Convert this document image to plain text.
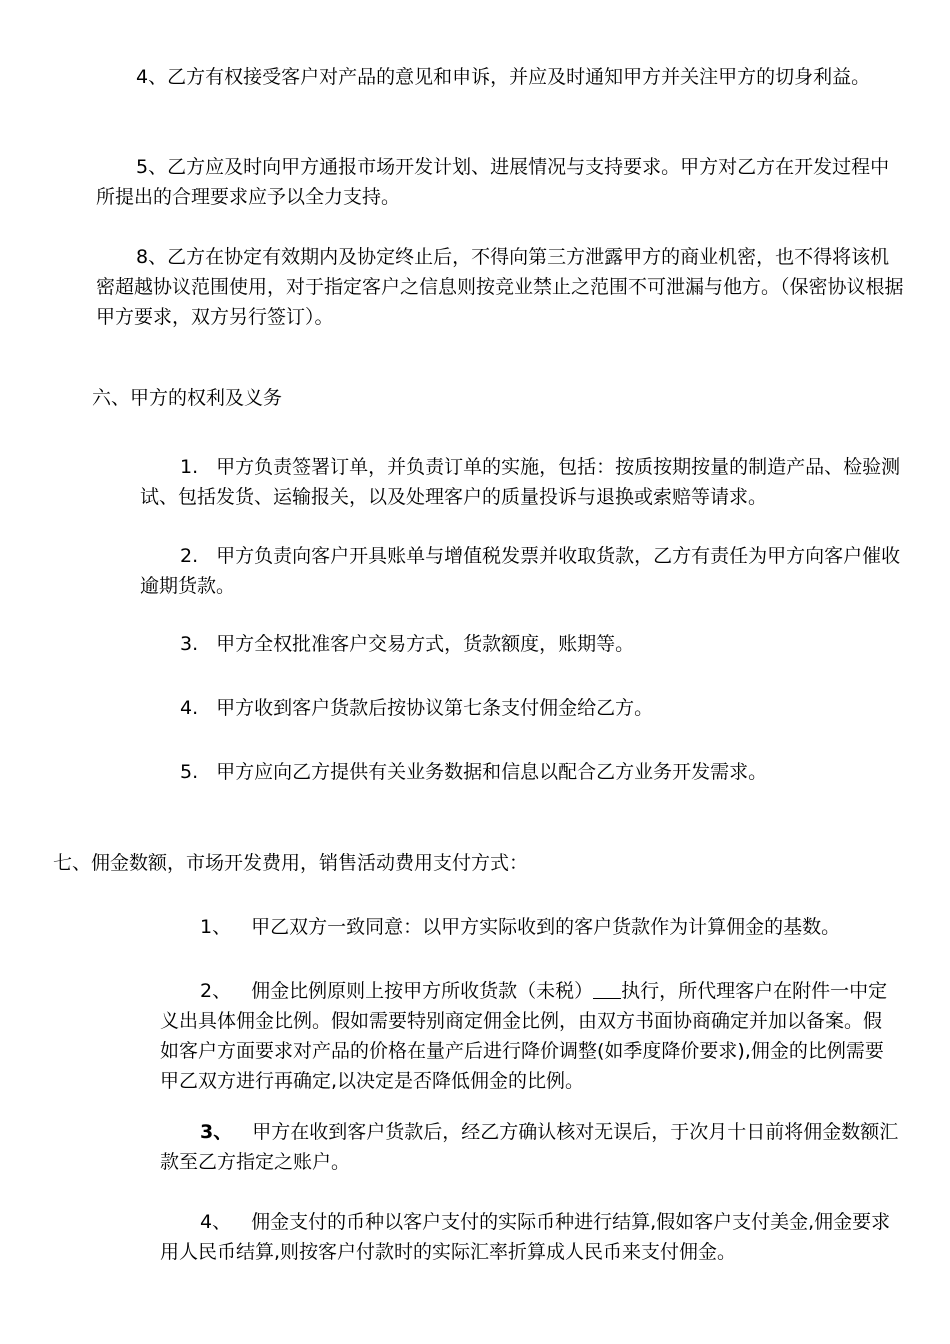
4、乙方有权接受客户对产品的意见和申诉，并应及时通知甲方并关注甲方的切身利益。

5、乙方应及时向甲方通报市场开发计划、进展情况与支持要求。甲方对乙方在开发过程中所提出的合理要求应予以全力支持。

8、乙方在协定有效期内及协定终止后，不得向第三方泄露甲方的商业机密，也不得将该机密超越协议范围使用，对于指定客户之信息则按竞业禁止之范围不可泄漏与他方。（保密协议根据甲方要求，双方另行签订）。

六、甲方的权利及义务

1. 甲方负责签署订单，并负责订单的实施，包括：按质按期按量的制造产品、检验测试、包括发货、运输报关，以及处理客户的质量投诉与退换或索赔等请求。

2. 甲方负责向客户开具账单与增值税发票并收取货款，乙方有责任为甲方向客户催收逾期货款。

3. 甲方全权批准客户交易方式，货款额度，账期等。

4. 甲方收到客户货款后按协议第七条支付佣金给乙方。

5. 甲方应向乙方提供有关业务数据和信息以配合乙方业务开发需求。

七、佣金数额，市场开发费用，销售活动费用支付方式：

1、 甲乙双方一致同意：以甲方实际收到的客户货款作为计算佣金的基数。

2、 佣金比例原则上按甲方所收货款（未税） 执行，所代理客户在附件一中定义出具体佣金比例。假如需要特别商定佣金比例，由双方书面协商确定并加以备案。假如客户方面要求对产品的价格在量产后进行降价调整(如季度降价要求),佣金的比例需要甲乙双方进行再确定,以决定是否降低佣金的比例。

3、 甲方在收到客户货款后，经乙方确认核对无误后，于次月十日前将佣金数额汇款至乙方指定之账户。

4、 佣金支付的币种以客户支付的实际币种进行结算,假如客户支付美金,佣金要求用人民币结算,则按客户付款时的实际汇率折算成人民币来支付佣金。
